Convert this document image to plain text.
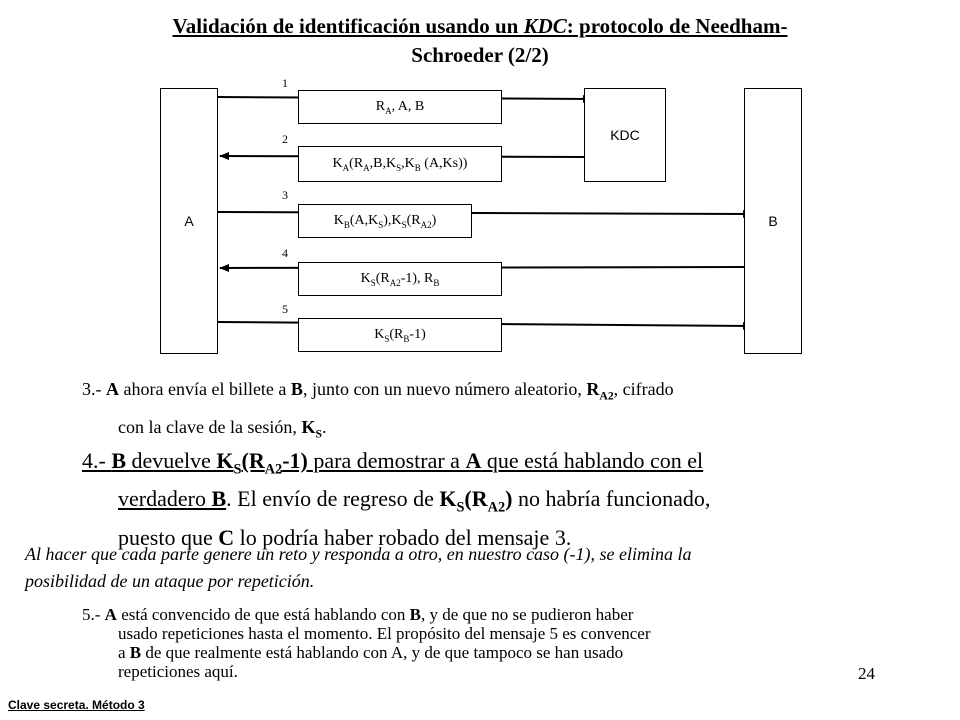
Validación de identificación usando un KDC: protocolo de Needham-
Schroeder (2/2)
A	B
KDC
$R_A$, A, B
$K_A(R_A,B,K_S,K_B$ (A,Ks))
$K_B(A,K_S),K_S(R_{A2})$
$K_S(R_{A2}-1)$, $R_B$
$K_S(R_B-1)$
1
2
3
4
5
3.- A ahora envía el billete a B, junto con un nuevo número aleatorio, $R_{A2}$, cifrado
con la clave de la sesión, $K_S$.
4.- B devuelve $K_S(R_{A2}-1)$ para demostrar a A que está hablando con el
verdadero B. El envío de regreso de $K_S(R_{A2})$ no habría funcionado,
puesto que C lo podría haber robado del mensaje 3.
Al hacer que cada parte genere un reto y responda a otro, en nuestro caso (-1), se elimina la
posibilidad de un ataque por repetición.
5.- A está convencido de que está hablando con B, y de que no se pudieron haber
usado repeticiones hasta el momento. El propósito del mensaje 5 es convencer
a B de que realmente está hablando con A, y de que tampoco se han usado
repeticiones aquí.	24
Clave secreta. Método 3
